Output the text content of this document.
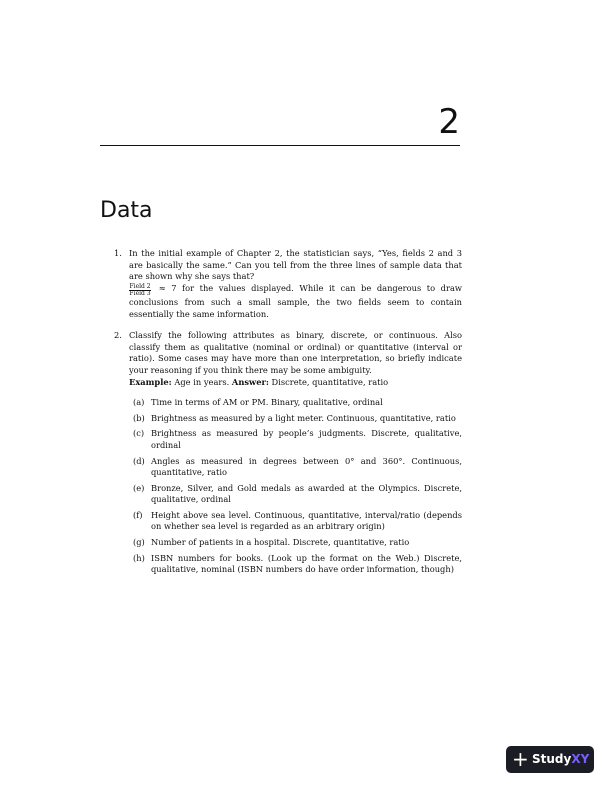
2
Data
1. In the initial example of Chapter 2, the statistician says, “Yes, fields 2 and 3 are basically the same.” Can you tell from the three lines of sample data that are shown why she says that?

$\frac{\text{Field 2}}{\text{Field 3}} \approx 7$ for the values displayed. While it can be dangerous to draw conclusions from such a small sample, the two fields seem to contain essentially the same information.

2. Classify the following attributes as binary, discrete, or continuous. Also classify them as qualitative (nominal or ordinal) or quantitative (interval or ratio). Some cases may have more than one interpretation, so briefly indicate your reasoning if you think there may be some ambiguity.

Example: Age in years. Answer: Discrete, quantitative, ratio

(a) Time in terms of AM or PM. Binary, qualitative, ordinal
(b) Brightness as measured by a light meter. Continuous, quantitative, ratio
(c) Brightness as measured by people’s judgments. Discrete, qualitative, ordinal
(d) Angles as measured in degrees between 0° and 360°. Continuous, quantitative, ratio
(e) Bronze, Silver, and Gold medals as awarded at the Olympics. Discrete, qualitative, ordinal
(f) Height above sea level. Continuous, quantitative, interval/ratio (depends on whether sea level is regarded as an arbitrary origin)
(g) Number of patients in a hospital. Discrete, quantitative, ratio
(h) ISBN numbers for books. (Look up the format on the Web.) Discrete, qualitative, nominal (ISBN numbers do have order information, though)
+ StudyXY
